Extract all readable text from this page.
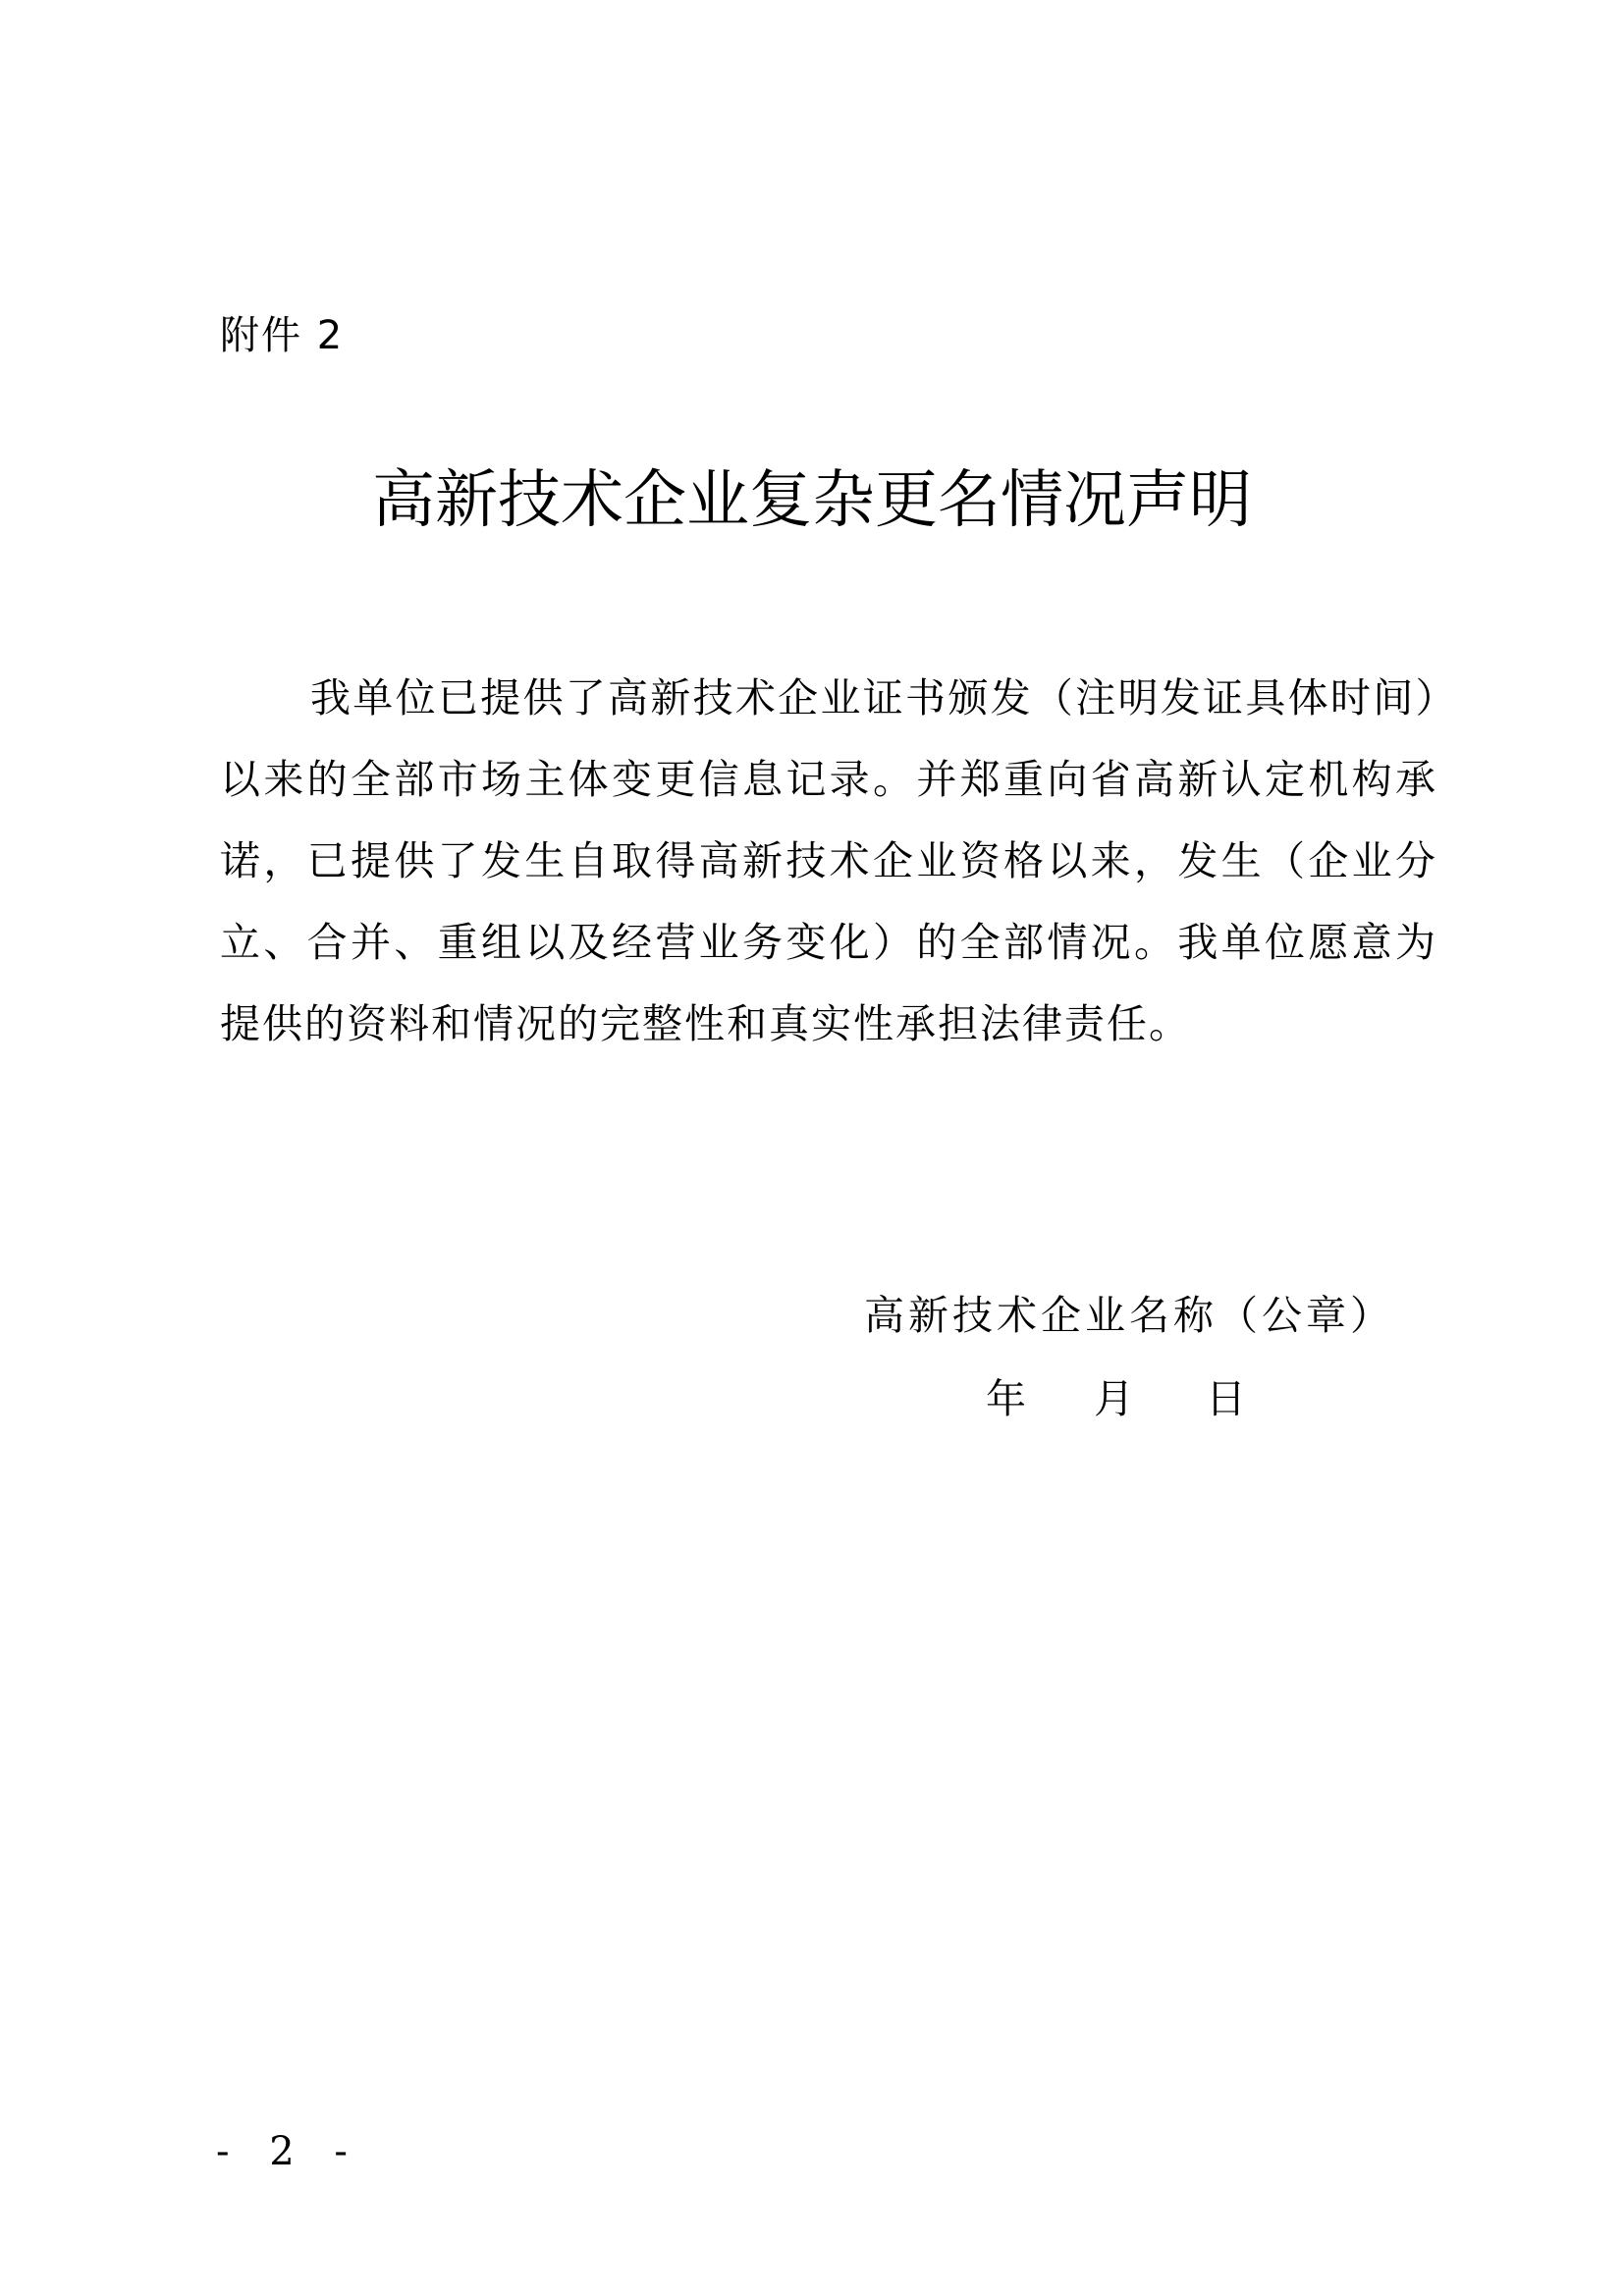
附件 2
高新技术企业复杂更名情况声明

我单位已提供了高新技术企业证书颁发（注明发证具体时间）以来的全部市场主体变更信息记录。并郑重向省高新认定机构承诺，已提供了发生自取得高新技术企业资格以来，发生（企业分立、合并、重组以及经营业务变化）的全部情况。我单位愿意为提供的资料和情况的完整性和真实性承担法律责任。

高新技术企业名称（公章）
年 月 日
- 2 -
